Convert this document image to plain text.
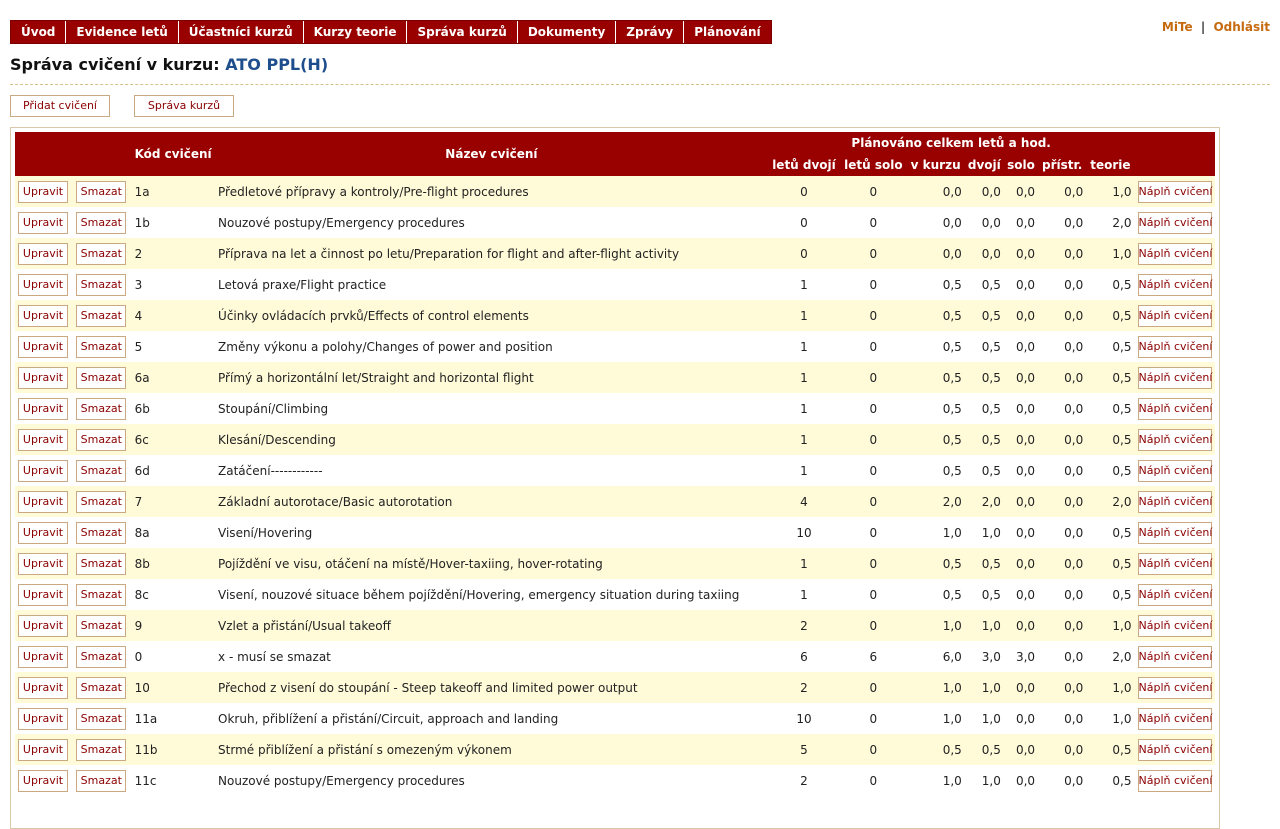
Úvod	Evidence letů	Účastníci kurzů	Kurzy teorie	Správa kurzů	Dokumenty	Zprávy	Plánování	MiTe | Odhlásit
Správa cvičení v kurzu: ATO PPL(H)
Přidat cvičení	Správa kurzů
		Kód cvičení	Název cvičení	Plánováno celkem letů a hod.							
				letů dvojí	letů solo	v kurzu	dvojí	solo	přístr.	teorie	
Upravit	Smazat	1a	Předletové přípravy a kontroly/Pre-flight procedures	0	0	0,0	0,0	0,0	0,0	1,0	Náplň cvičení
Upravit	Smazat	1b	Nouzové postupy/Emergency procedures	0	0	0,0	0,0	0,0	0,0	2,0	Náplň cvičení
Upravit	Smazat	2	Příprava na let a činnost po letu/Preparation for flight and after-flight activity	0	0	0,0	0,0	0,0	0,0	1,0	Náplň cvičení
Upravit	Smazat	3	Letová praxe/Flight practice	1	0	0,5	0,5	0,0	0,0	0,5	Náplň cvičení
Upravit	Smazat	4	Účinky ovládacích prvků/Effects of control elements	1	0	0,5	0,5	0,0	0,0	0,5	Náplň cvičení
Upravit	Smazat	5	Změny výkonu a polohy/Changes of power and position	1	0	0,5	0,5	0,0	0,0	0,5	Náplň cvičení
Upravit	Smazat	6a	Přímý a horizontální let/Straight and horizontal flight	1	0	0,5	0,5	0,0	0,0	0,5	Náplň cvičení
Upravit	Smazat	6b	Stoupání/Climbing	1	0	0,5	0,5	0,0	0,0	0,5	Náplň cvičení
Upravit	Smazat	6c	Klesání/Descending	1	0	0,5	0,5	0,0	0,0	0,5	Náplň cvičení
Upravit	Smazat	6d	Zatáčení------------	1	0	0,5	0,5	0,0	0,0	0,5	Náplň cvičení
Upravit	Smazat	7	Základní autorotace/Basic autorotation	4	0	2,0	2,0	0,0	0,0	2,0	Náplň cvičení
Upravit	Smazat	8a	Visení/Hovering	10	0	1,0	1,0	0,0	0,0	0,5	Náplň cvičení
Upravit	Smazat	8b	Pojíždění ve visu, otáčení na místě/Hover-taxiing, hover-rotating	1	0	0,5	0,5	0,0	0,0	0,5	Náplň cvičení
Upravit	Smazat	8c	Visení, nouzové situace během pojíždění/Hovering, emergency situation during taxiing	1	0	0,5	0,5	0,0	0,0	0,5	Náplň cvičení
Upravit	Smazat	9	Vzlet a přistání/Usual takeoff	2	0	1,0	1,0	0,0	0,0	1,0	Náplň cvičení
Upravit	Smazat	0	x - musí se smazat	6	6	6,0	3,0	3,0	0,0	2,0	Náplň cvičení
Upravit	Smazat	10	Přechod z visení do stoupání - Steep takeoff and limited power output	2	0	1,0	1,0	0,0	0,0	1,0	Náplň cvičení
Upravit	Smazat	11a	Okruh, přiblížení a přistání/Circuit, approach and landing	10	0	1,0	1,0	0,0	0,0	1,0	Náplň cvičení
Upravit	Smazat	11b	Strmé přiblížení a přistání s omezeným výkonem	5	0	0,5	0,5	0,0	0,0	0,5	Náplň cvičení
Upravit	Smazat	11c	Nouzové postupy/Emergency procedures	2	0	1,0	1,0	0,0	0,0	0,5	Náplň cvičení
